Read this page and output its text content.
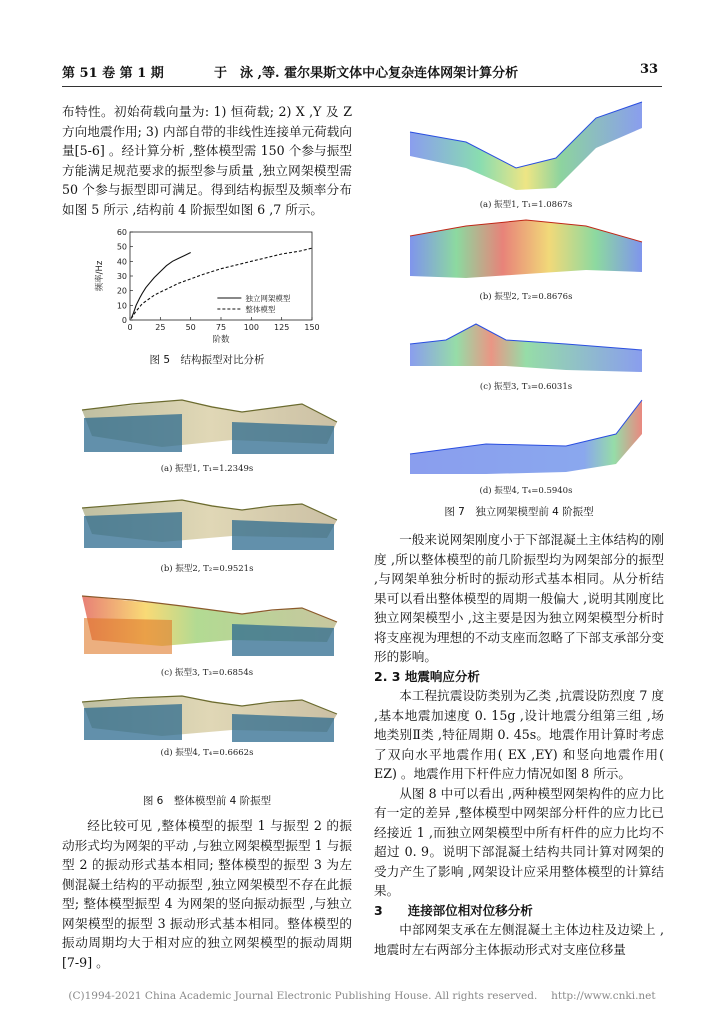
第 51 卷 第 1 期	于　泳 ,等. 霍尔果斯文体中心复杂连体网架计算分析	33

布特性。初始荷载向量为: 1) 恒荷载; 2) X ,Y 及 Z 方向地震作用; 3) 内部自带的非线性连接单元荷载向量[5-6] 。经计算分析 ,整体模型需 150 个参与振型方能满足规范要求的振型参与质量 ,独立网架模型需 50 个参与振型即可满足。得到结构振型及频率分布如图 5 所示 ,结构前 4 阶振型如图 6 ,7 所示。

0	25	50	75 100 125 150
0
10
20
30
40
50
60
阶数
频率/Hz
独立网架模型
整体模型
图 5　结构振型对比分析
(a) 振型1, T₁=1.2349s
(b) 振型2, T₂=0.9521s
(c) 振型3, T₃=0.6854s
(d) 振型4, T₄=0.6662s
图 6　整体模型前 4 阶振型

经比较可见 ,整体模型的振型 1 与振型 2 的振动形式均为网架的平动 ,与独立网架模型振型 1 与振型 2 的振动形式基本相同; 整体模型的振型 3 为左侧混凝土结构的平动振型 ,独立网架模型不存在此振型; 整体模型振型 4 为网架的竖向振动振型 ,与独立网架模型的振型 3 振动形式基本相同。整体模型的振动周期均大于相对应的独立网架模型的振动周期[7-9] 。

(a) 振型1, T₁=1.0867s
(b) 振型2, T₂=0.8676s
(c) 振型3, T₃=0.6031s
(d) 振型4, T₄=0.5940s
图 7　独立网架模型前 4 阶振型

一般来说网架刚度小于下部混凝土主体结构的刚度 ,所以整体模型的前几阶振型均为网架部分的振型 ,与网架单独分析时的振动形式基本相同。从分析结果可以看出整体模型的周期一般偏大 ,说明其刚度比独立网架模型小 ,这主要是因为独立网架模型分析时将支座视为理想的不动支座而忽略了下部支承部分变形的影响。

2. 3 地震响应分析

本工程抗震设防类别为乙类 ,抗震设防烈度 7 度 ,基本地震加速度 0. 15g ,设计地震分组第三组 ,场地类别Ⅱ类 ,特征周期 0. 45s。地震作用计算时考虑了双向水平地震作用( EX ,EY) 和竖向地震作用( EZ) 。地震作用下杆件应力情况如图 8 所示。

从图 8 中可以看出 ,两种模型网架构件的应力比有一定的差异 ,整体模型中网架部分杆件的应力比已经接近 1 ,而独立网架模型中所有杆件的应力比均不超过 0. 9。说明下部混凝土结构共同计算对网架的受力产生了影响 ,网架设计应采用整体模型的计算结果。

3　　连接部位相对位移分析

中部网架支承在左侧混凝土主体边柱及边梁上 ,地震时左右两部分主体振动形式对支座位移量

(C)1994-2021 China Academic Journal Electronic Publishing House. All rights reserved.　 http://www.cnki.net
